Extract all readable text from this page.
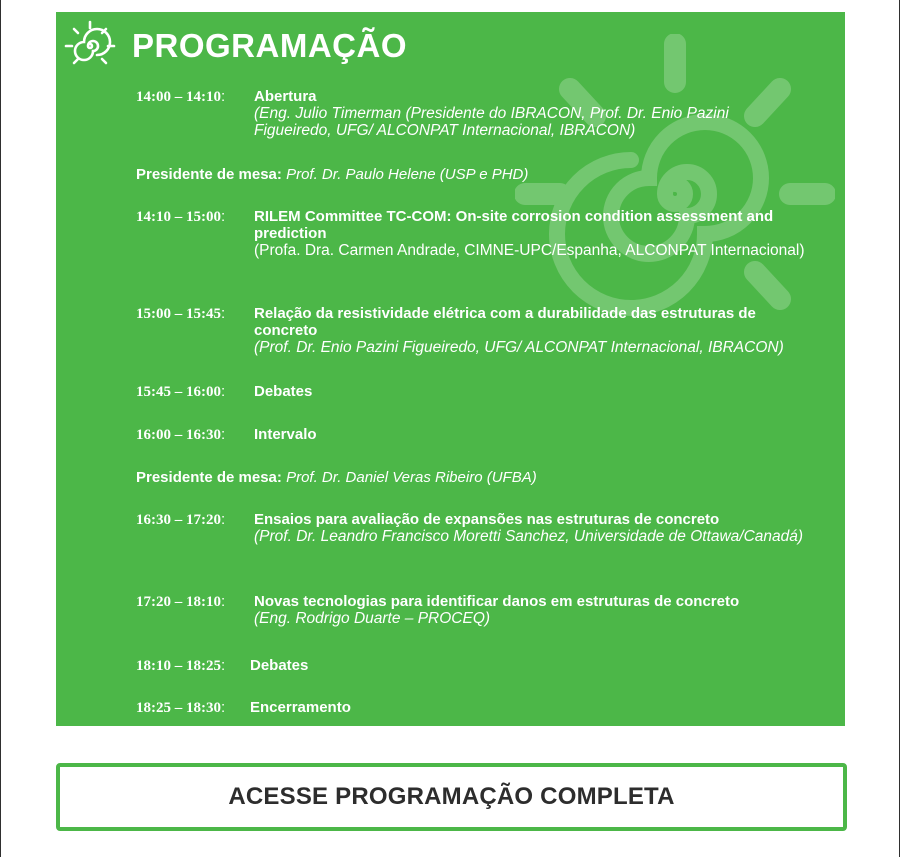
PROGRAMAÇÃO
14:00 – 14:10: Abertura
(Eng. Julio Timerman (Presidente do IBRACON, Prof. Dr. Enio Pazini Figueiredo, UFG/ ALCONPAT Internacional, IBRACON)
Presidente de mesa: Prof. Dr. Paulo Helene (USP e PHD)
14:10 – 15:00: RILEM Committee TC-COM: On-site corrosion condition assessment and prediction
(Profa. Dra. Carmen Andrade, CIMNE-UPC/Espanha, ALCONPAT Internacional)
15:00 – 15:45: Relação da resistividade elétrica com a durabilidade das estruturas de concreto
(Prof. Dr. Enio Pazini Figueiredo, UFG/ ALCONPAT Internacional, IBRACON)
15:45 – 16:00: Debates
16:00 – 16:30: Intervalo
Presidente de mesa: Prof. Dr. Daniel Veras Ribeiro (UFBA)
16:30 – 17:20: Ensaios para avaliação de expansões nas estruturas de concreto
(Prof. Dr. Leandro Francisco Moretti Sanchez, Universidade de Ottawa/Canadá)
17:20 – 18:10: Novas tecnologias para identificar danos em estruturas de concreto
(Eng. Rodrigo Duarte – PROCEQ)
18:10 – 18:25: Debates
18:25 – 18:30: Encerramento
ACESSE PROGRAMAÇÃO COMPLETA
